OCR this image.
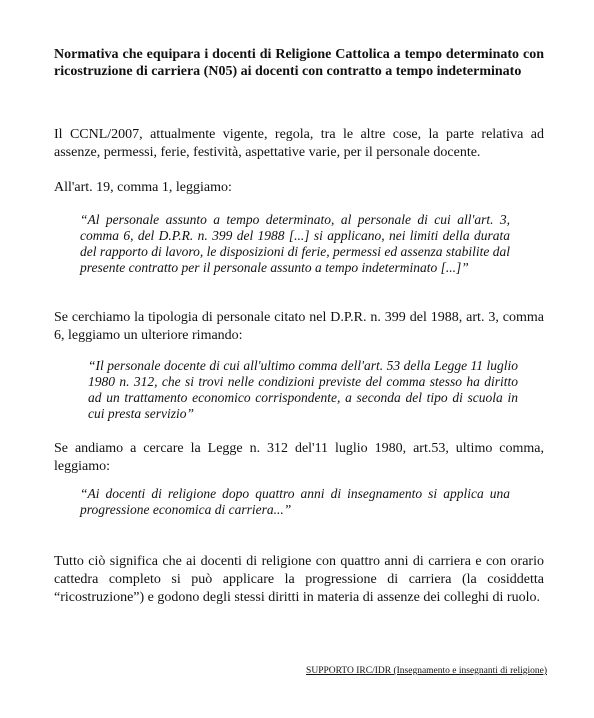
Normativa che equipara i docenti di Religione Cattolica a tempo determinato con ricostruzione di carriera (N05) ai docenti con contratto a tempo indeterminato
Il CCNL/2007, attualmente vigente, regola, tra le altre cose, la parte relativa ad assenze, permessi, ferie, festività, aspettative varie, per il personale docente.
All'art. 19, comma 1, leggiamo:
“Al personale assunto a tempo determinato, al personale di cui all'art. 3, comma 6, del D.P.R. n. 399 del 1988 [...] si applicano, nei limiti della durata del rapporto di lavoro, le disposizioni di ferie, permessi ed assenza stabilite dal presente contratto per il personale assunto a tempo indeterminato [...]”
Se cerchiamo la tipologia di personale citato nel D.P.R. n. 399 del 1988, art. 3, comma 6, leggiamo un ulteriore rimando:
“Il personale docente di cui all'ultimo comma dell'art. 53 della Legge 11 luglio 1980 n. 312, che si trovi nelle condizioni previste del comma stesso ha diritto ad un trattamento economico corrispondente, a seconda del tipo di scuola in cui presta servizio”
Se andiamo a cercare la Legge n. 312 del'11 luglio 1980, art.53, ultimo comma, leggiamo:
“Ai docenti di religione dopo quattro anni di insegnamento si applica una progressione economica di carriera...”
Tutto ciò significa che ai docenti di religione con quattro anni di carriera e con orario cattedra completo si può applicare la progressione di carriera (la cosiddetta “ricostruzione”) e godono degli stessi diritti in materia di assenze dei colleghi di ruolo.
SUPPORTO IRC/IDR (Insegnamento e insegnanti di religione)
